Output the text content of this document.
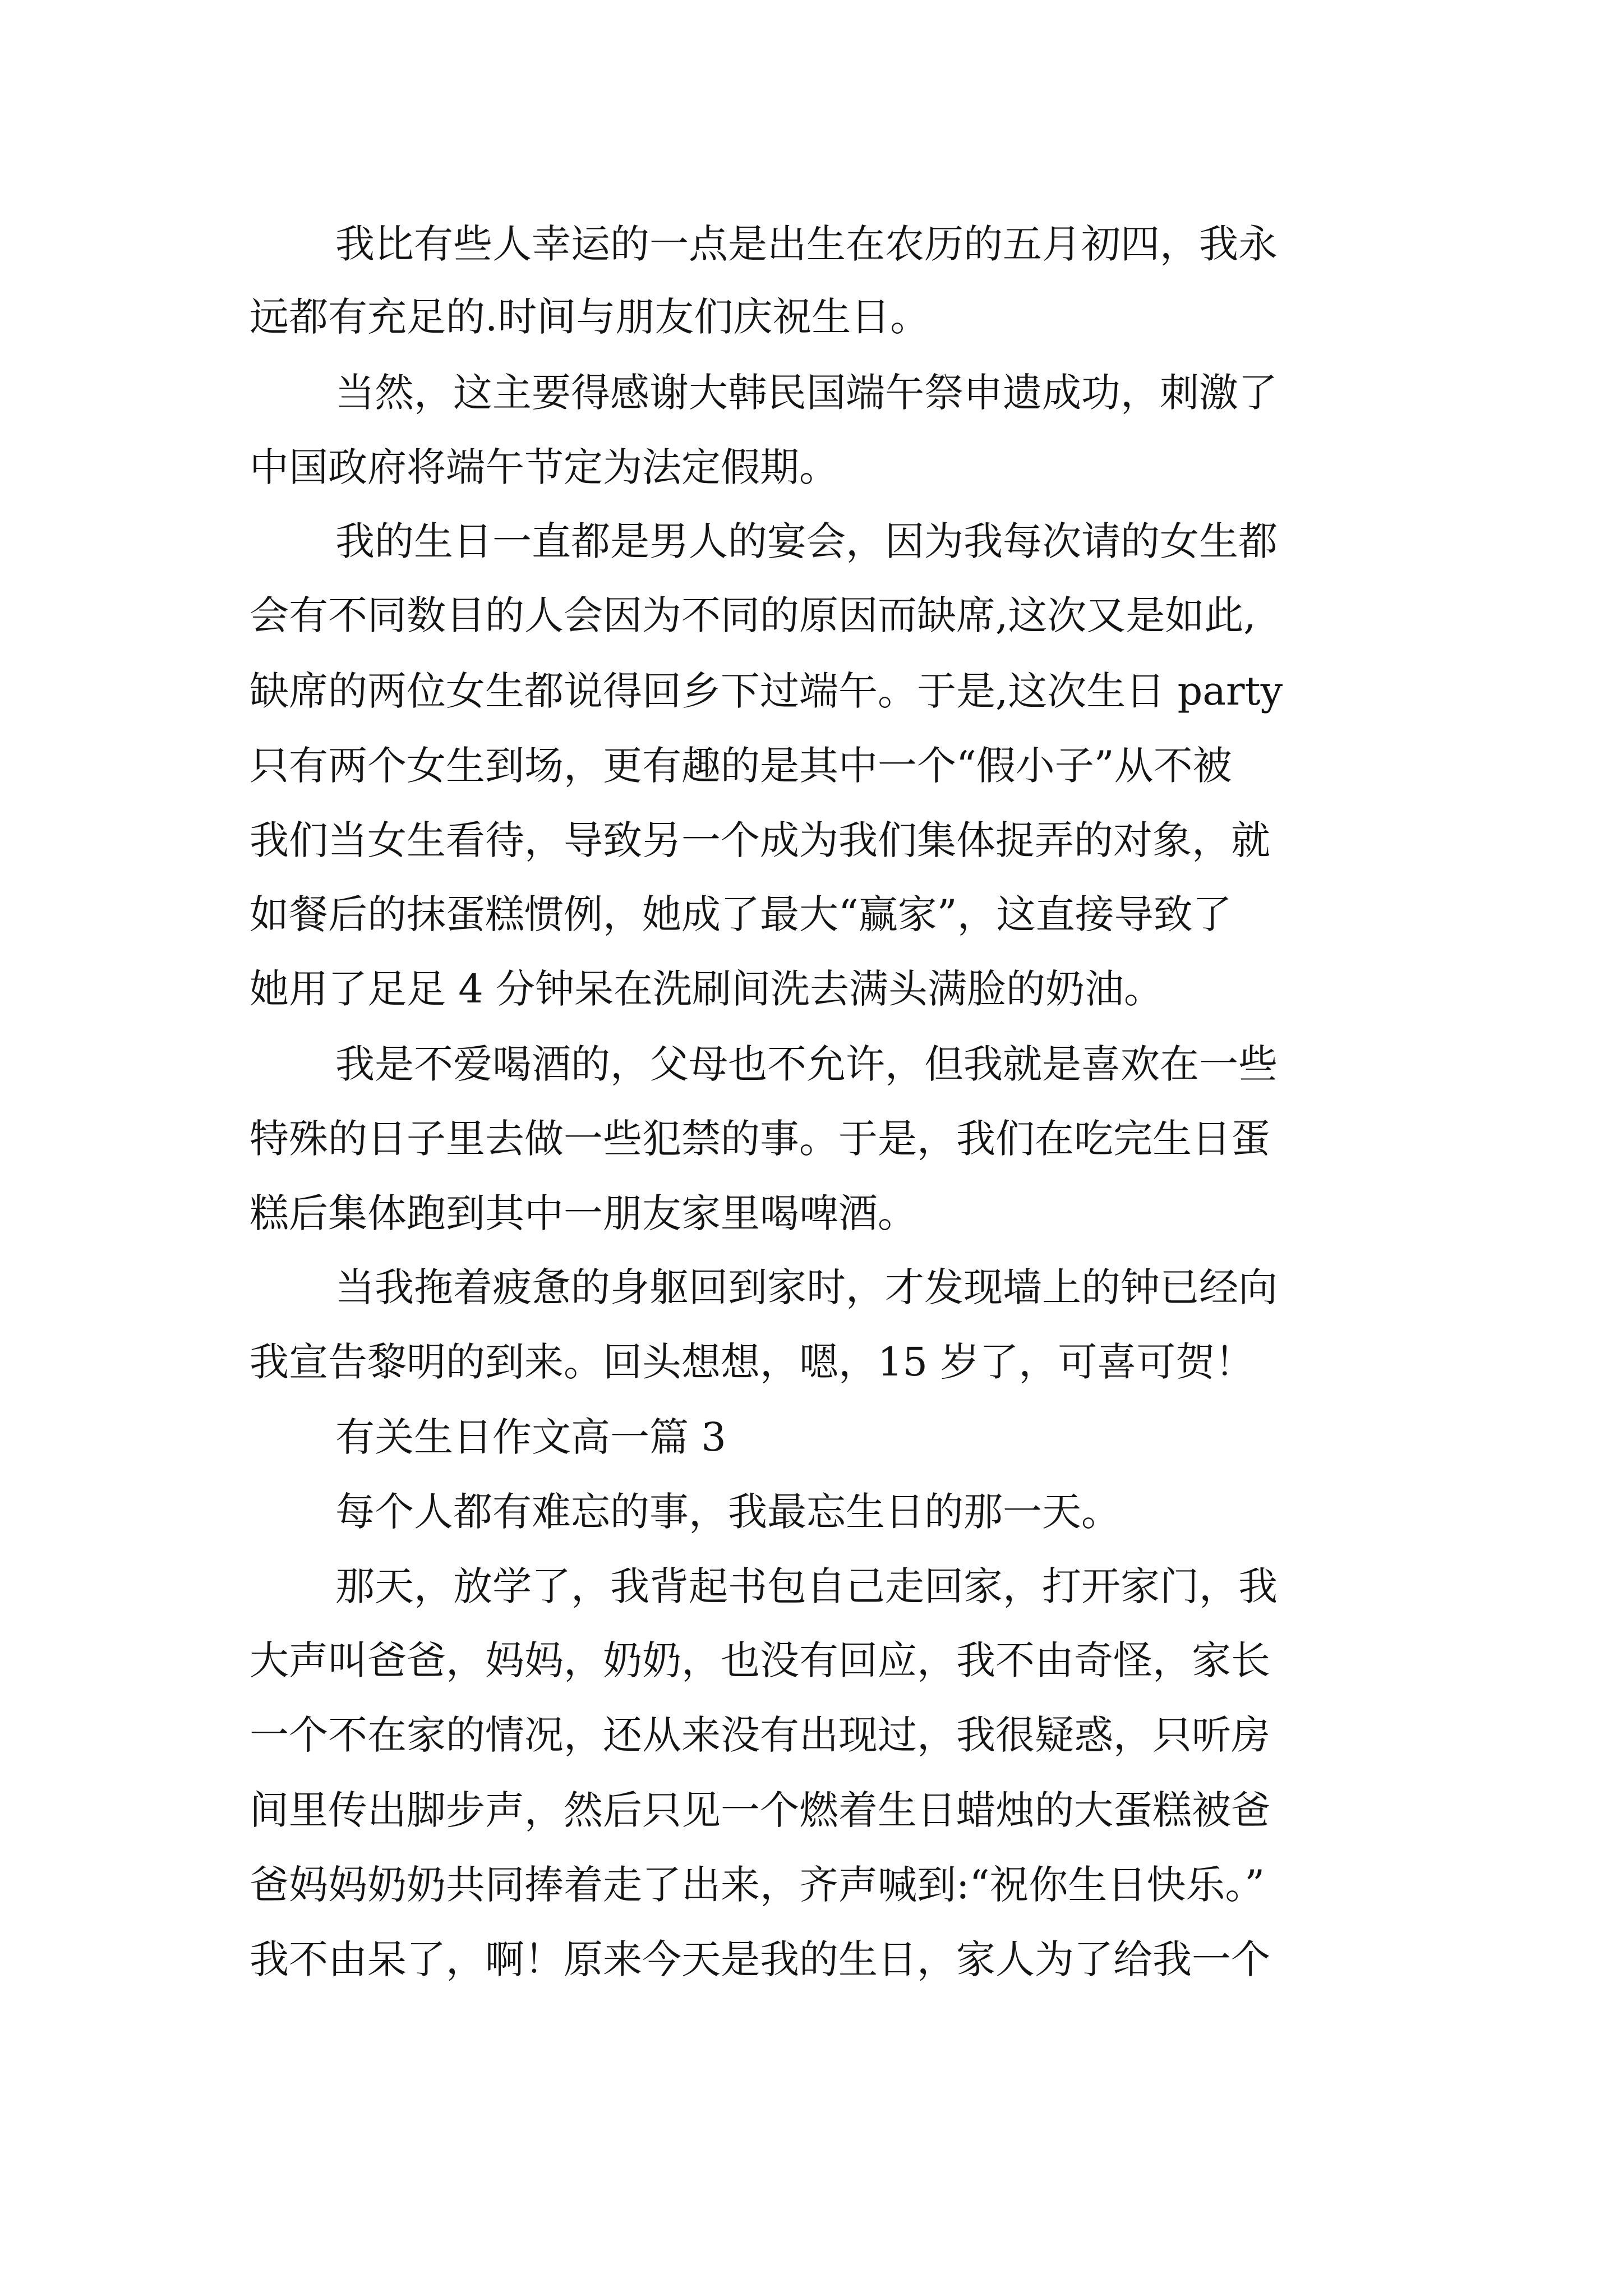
我比有些人幸运的一点是出生在农历的五月初四，我永
远都有充足的.时间与朋友们庆祝生日。
当然，这主要得感谢大韩民国端午祭申遗成功，刺激了
中国政府将端午节定为法定假期。
我的生日一直都是男人的宴会，因为我每次请的女生都
会有不同数目的人会因为不同的原因而缺席,这次又是如此,
缺席的两位女生都说得回乡下过端午。于是,这次生日 party
只有两个女生到场，更有趣的是其中一个“假小子”从不被
我们当女生看待，导致另一个成为我们集体捉弄的对象，就
如餐后的抹蛋糕惯例，她成了最大“赢家”，这直接导致了
她用了足足 4 分钟呆在洗刷间洗去满头满脸的奶油。
我是不爱喝酒的，父母也不允许，但我就是喜欢在一些
特殊的日子里去做一些犯禁的事。于是，我们在吃完生日蛋
糕后集体跑到其中一朋友家里喝啤酒。
当我拖着疲惫的身躯回到家时，才发现墙上的钟已经向
我宣告黎明的到来。回头想想，嗯，15 岁了，可喜可贺！
有关生日作文高一篇 3
每个人都有难忘的事，我最忘生日的那一天。
那天，放学了，我背起书包自己走回家，打开家门，我
大声叫爸爸，妈妈，奶奶，也没有回应，我不由奇怪，家长
一个不在家的情况，还从来没有出现过，我很疑惑，只听房
间里传出脚步声，然后只见一个燃着生日蜡烛的大蛋糕被爸
爸妈妈奶奶共同捧着走了出来，齐声喊到:“祝你生日快乐。”
我不由呆了，啊！原来今天是我的生日，家人为了给我一个
